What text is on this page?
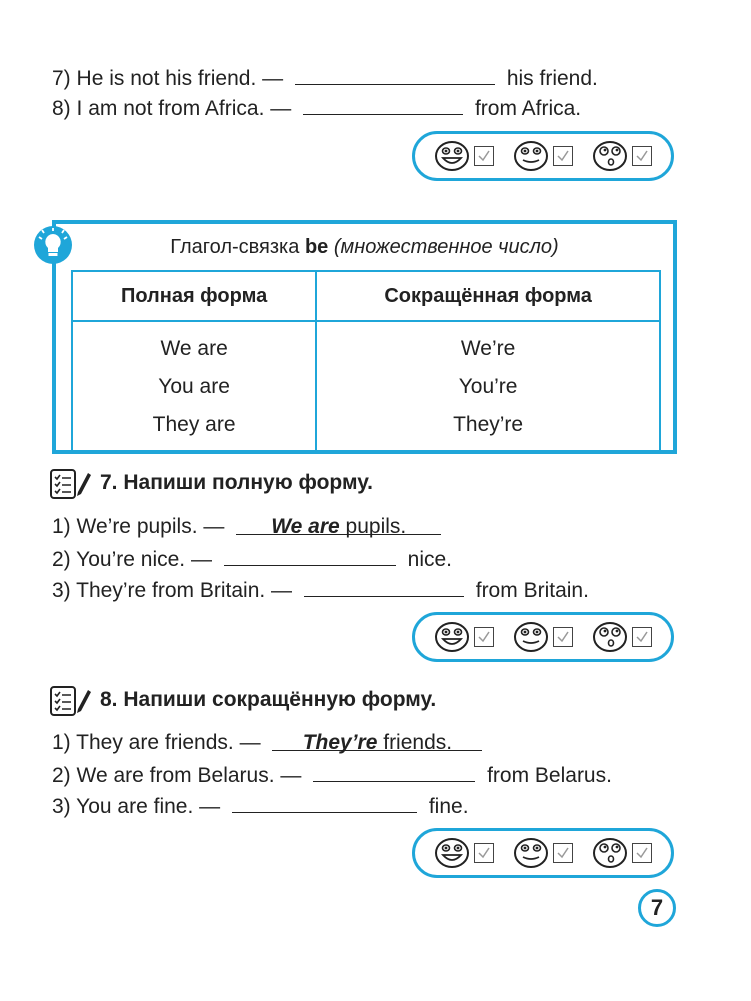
7) He is not his friend. —	his friend.
8) I am not from Africa. —	from Africa.
Глагол-связка be (множественное число)
Полная форма	Сокращённая форма
We are	We’re
You are	You’re
They are	They’re
7. Напиши полную форму.
1) We’re pupils. — We are pupils.
2) You’re nice. —	nice.
3) They’re from Britain. —	from Britain.
8. Напиши сокращённую форму.
1) They are friends. — They’re friends.
2) We are from Belarus. —	from Belarus.
3) You are fine. —	fine.
7
